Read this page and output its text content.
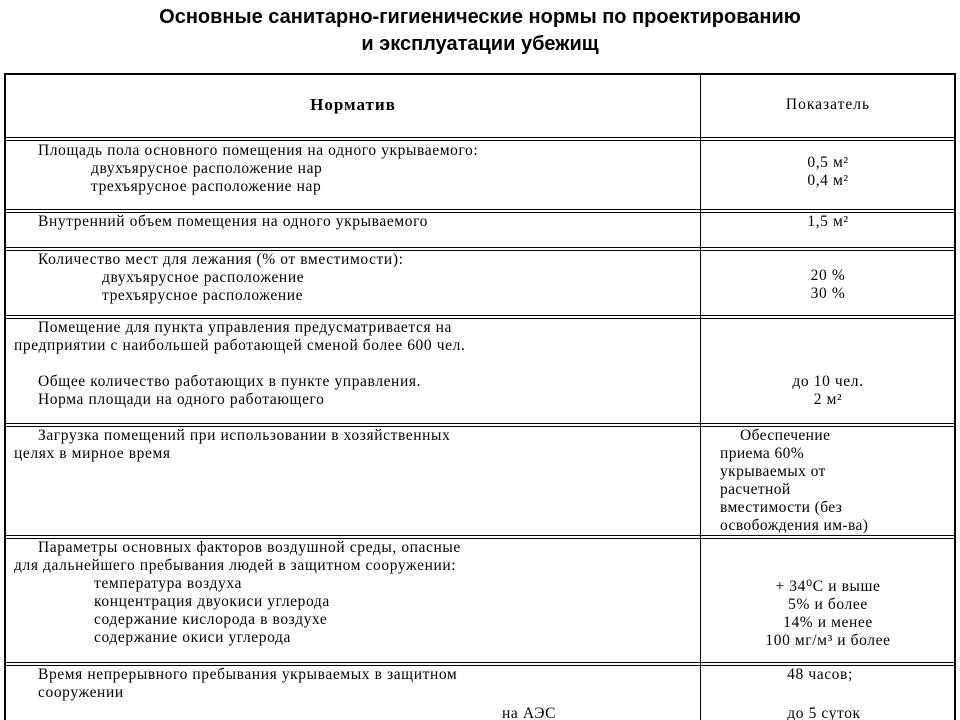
Основные санитарно-гигиенические нормы по проектированию
и эксплуатации убежищ
Норматив	Показатель
Площадь пола основного помещения на одного укрываемого:
двухъярусное расположение нар
трехъярусное расположение нар
0,5 м²
0,4 м²
Внутренний объем помещения на одного укрываемого	1,5 м²
Количество мест для лежания (% от вместимости):
двухъярусное расположение
трехъярусное расположение
20 %
30 %
Помещение для пункта управления предусматривается на
предприятии с наибольшей работающей сменой более 600 чел.
Общее количество работающих в пункте управления.
Норма площади на одного работающего
до 10 чел.
2 м²
Загрузка помещений при использовании в хозяйственных
целях в мирное время
Обеспечение
приема 60%
укрываемых от
расчетной
вместимости (без
освобождения им-ва)
Параметры основных факторов воздушной среды, опасные
для дальнейшего пребывания людей в защитном сооружении:
температура воздуха
концентрация двуокиси углерода
содержание кислорода в воздухе
содержание окиси углерода
+ 34⁰С и выше
5% и более
14% и менее
100 мг/м³ и более
Время непрерывного пребывания укрываемых в защитном
сооружении
на АЭС
48 часов;
до 5 суток
